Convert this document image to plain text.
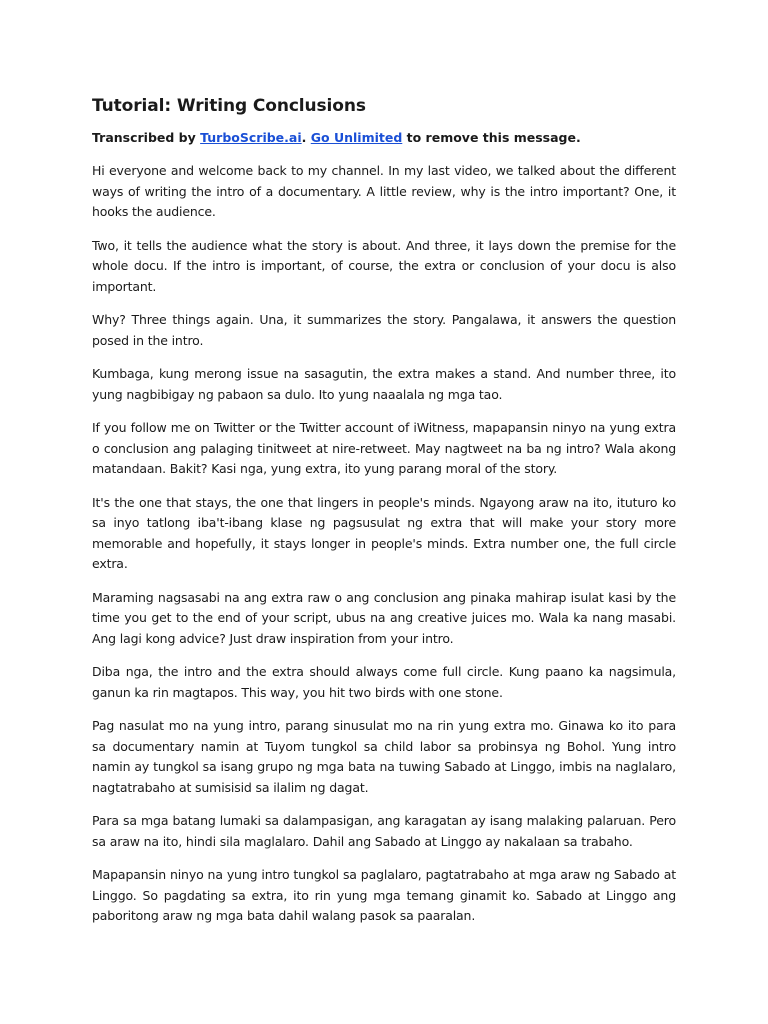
Tutorial: Writing Conclusions

Transcribed by TurboScribe.ai. Go Unlimited to remove this message.

Hi everyone and welcome back to my channel. In my last video, we talked about the different ways of writing the intro of a documentary. A little review, why is the intro important? One, it hooks the audience.

Two, it tells the audience what the story is about. And three, it lays down the premise for the whole docu. If the intro is important, of course, the extra or conclusion of your docu is also important.

Why? Three things again. Una, it summarizes the story. Pangalawa, it answers the question posed in the intro.

Kumbaga, kung merong issue na sasagutin, the extra makes a stand. And number three, ito yung nagbibigay ng pabaon sa dulo. Ito yung naaalala ng mga tao.

If you follow me on Twitter or the Twitter account of iWitness, mapapansin ninyo na yung extra o conclusion ang palaging tinitweet at nire-retweet. May nagtweet na ba ng intro? Wala akong matandaan. Bakit? Kasi nga, yung extra, ito yung parang moral of the story.

It's the one that stays, the one that lingers in people's minds. Ngayong araw na ito, ituturo ko sa inyo tatlong iba't-ibang klase ng pagsusulat ng extra that will make your story more memorable and hopefully, it stays longer in people's minds. Extra number one, the full circle extra.

Maraming nagsasabi na ang extra raw o ang conclusion ang pinaka mahirap isulat kasi by the time you get to the end of your script, ubus na ang creative juices mo. Wala ka nang masabi. Ang lagi kong advice? Just draw inspiration from your intro.

Diba nga, the intro and the extra should always come full circle. Kung paano ka nagsimula, ganun ka rin magtapos. This way, you hit two birds with one stone.

Pag nasulat mo na yung intro, parang sinusulat mo na rin yung extra mo. Ginawa ko ito para sa documentary namin at Tuyom tungkol sa child labor sa probinsya ng Bohol. Yung intro namin ay tungkol sa isang grupo ng mga bata na tuwing Sabado at Linggo, imbis na naglalaro, nagtatrabaho at sumisisid sa ilalim ng dagat.

Para sa mga batang lumaki sa dalampasigan, ang karagatan ay isang malaking palaruan. Pero sa araw na ito, hindi sila maglalaro. Dahil ang Sabado at Linggo ay nakalaan sa trabaho.

Mapapansin ninyo na yung intro tungkol sa paglalaro, pagtatrabaho at mga araw ng Sabado at Linggo. So pagdating sa extra, ito rin yung mga temang ginamit ko. Sabado at Linggo ang paboritong araw ng mga bata dahil walang pasok sa paaralan.
